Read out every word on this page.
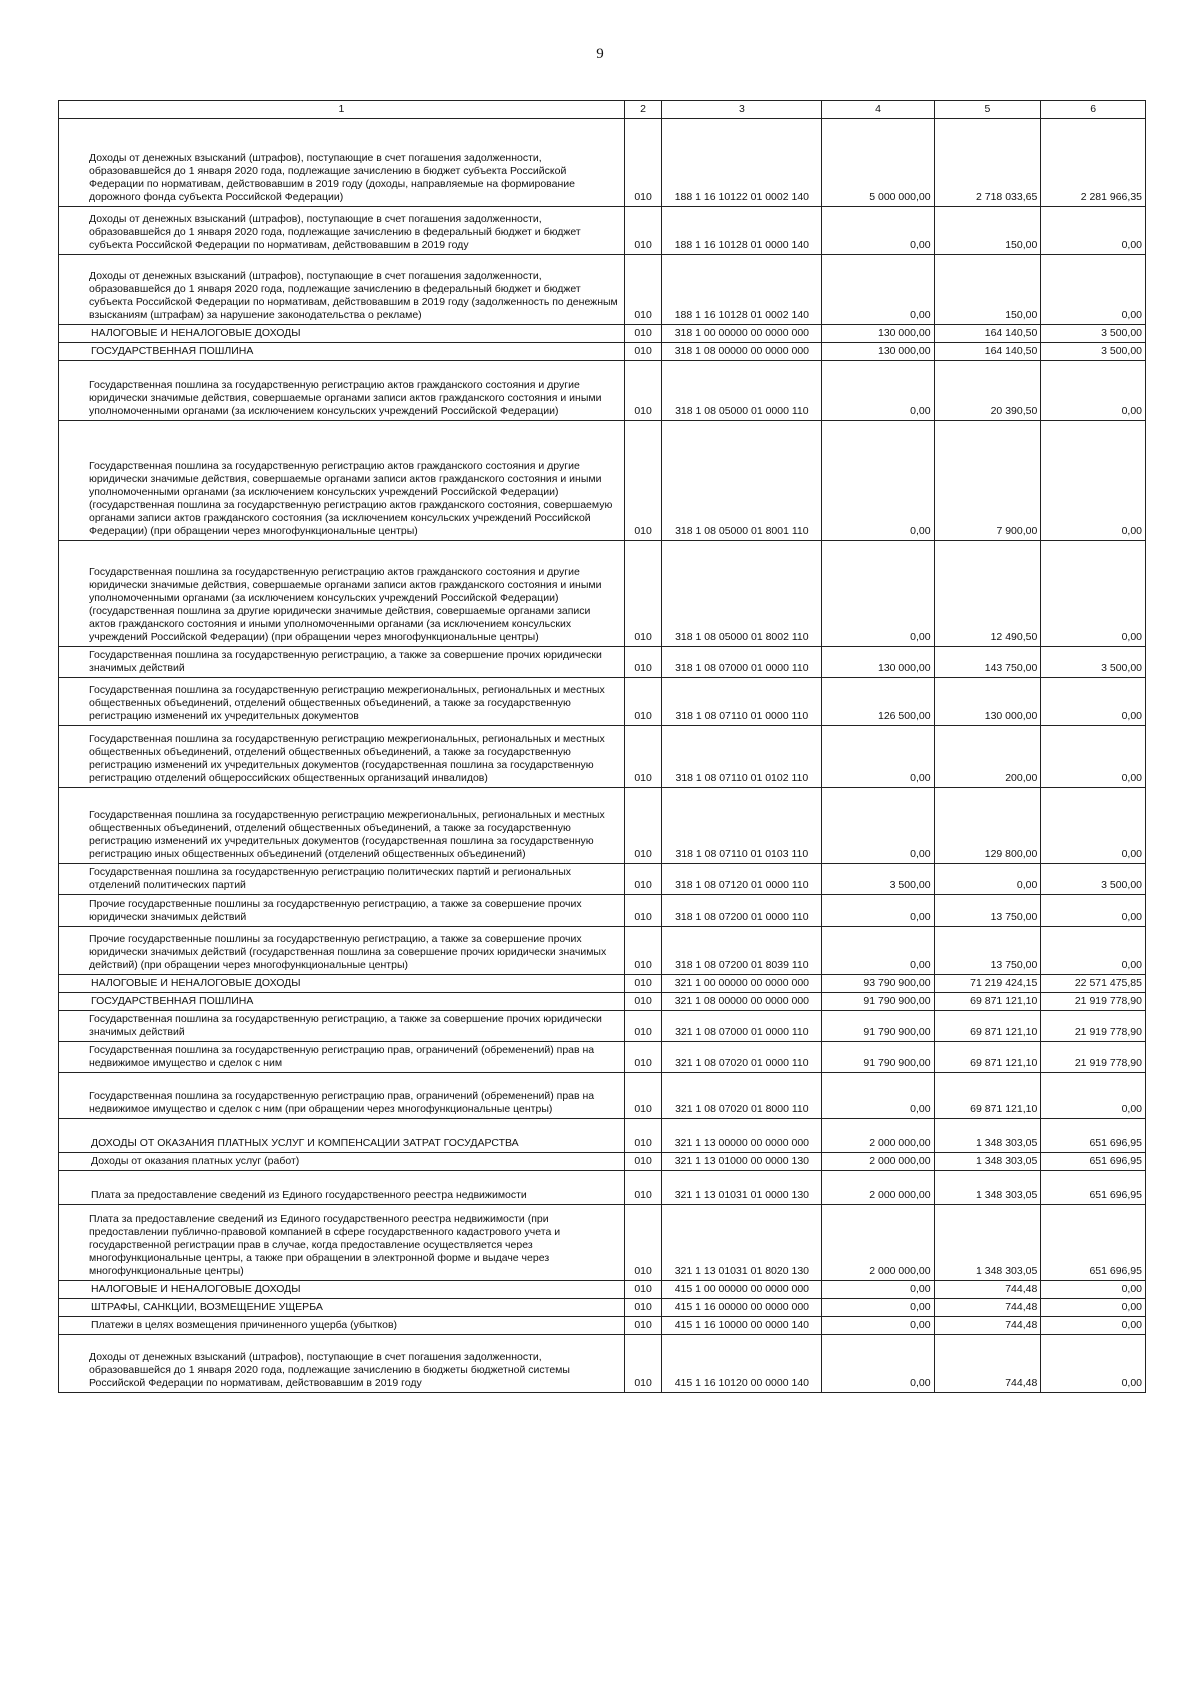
9
1	2	3	4	5	6
Доходы от денежных взысканий (штрафов), поступающие в счет погашения задолженности, образовавшейся до 1 января 2020 года, подлежащие зачислению в бюджет субъекта Российской Федерации по нормативам, действовавшим в 2019 году (доходы, направляемые на формирование дорожного фонда субъекта Российской Федерации)	010	188 1 16 10122 01 0002 140	5 000 000,00	2 718 033,65	2 281 966,35
Доходы от денежных взысканий (штрафов), поступающие в счет погашения задолженности, образовавшейся до 1 января 2020 года, подлежащие зачислению в федеральный бюджет и бюджет субъекта Российской Федерации по нормативам, действовавшим в 2019 году	010	188 1 16 10128 01 0000 140	0,00	150,00	0,00
Доходы от денежных взысканий (штрафов), поступающие в счет погашения задолженности, образовавшейся до 1 января 2020 года, подлежащие зачислению в федеральный бюджет и бюджет субъекта Российской Федерации по нормативам, действовавшим в 2019 году (задолженность по денежным взысканиям (штрафам) за нарушение законодательства о рекламе)	010	188 1 16 10128 01 0002 140	0,00	150,00	0,00
НАЛОГОВЫЕ И НЕНАЛОГОВЫЕ ДОХОДЫ	010	318 1 00 00000 00 0000 000	130 000,00	164 140,50	3 500,00
ГОСУДАРСТВЕННАЯ ПОШЛИНА	010	318 1 08 00000 00 0000 000	130 000,00	164 140,50	3 500,00
Государственная пошлина за государственную регистрацию актов гражданского состояния и другие юридически значимые действия, совершаемые органами записи актов гражданского состояния и иными уполномоченными органами (за исключением консульских учреждений Российской Федерации)	010	318 1 08 05000 01 0000 110	0,00	20 390,50	0,00
Государственная пошлина за государственную регистрацию актов гражданского состояния и другие юридически значимые действия, совершаемые органами записи актов гражданского состояния и иными уполномоченными органами (за исключением консульских учреждений Российской Федерации) (государственная пошлина за государственную регистрацию актов гражданского состояния, совершаемую органами записи актов гражданского состояния (за исключением консульских учреждений Российской Федерации) (при обращении через многофункциональные центры)	010	318 1 08 05000 01 8001 110	0,00	7 900,00	0,00
Государственная пошлина за государственную регистрацию актов гражданского состояния и другие юридически значимые действия, совершаемые органами записи актов гражданского состояния и иными уполномоченными органами (за исключением консульских учреждений Российской Федерации) (государственная пошлина за другие юридически значимые действия, совершаемые органами записи актов гражданского состояния и иными уполномоченными органами (за исключением консульских учреждений Российской Федерации) (при обращении через многофункциональные центры)	010	318 1 08 05000 01 8002 110	0,00	12 490,50	0,00
Государственная пошлина за государственную регистрацию, а также за совершение прочих юридически значимых действий	010	318 1 08 07000 01 0000 110	130 000,00	143 750,00	3 500,00
Государственная пошлина за государственную регистрацию межрегиональных, региональных и местных общественных объединений, отделений общественных объединений, а также за государственную регистрацию изменений их учредительных документов	010	318 1 08 07110 01 0000 110	126 500,00	130 000,00	0,00
Государственная пошлина за государственную регистрацию межрегиональных, региональных и местных общественных объединений, отделений общественных объединений, а также за государственную регистрацию изменений их учредительных документов (государственная пошлина за государственную регистрацию отделений общероссийских общественных организаций инвалидов)	010	318 1 08 07110 01 0102 110	0,00	200,00	0,00
Государственная пошлина за государственную регистрацию межрегиональных, региональных и местных общественных объединений, отделений общественных объединений, а также за государственную регистрацию изменений их учредительных документов (государственная пошлина за государственную регистрацию иных общественных объединений (отделений общественных объединений)	010	318 1 08 07110 01 0103 110	0,00	129 800,00	0,00
Государственная пошлина за государственную регистрацию политических партий и региональных отделений политических партий	010	318 1 08 07120 01 0000 110	3 500,00	0,00	3 500,00
Прочие государственные пошлины за государственную регистрацию, а также за совершение прочих юридически значимых действий	010	318 1 08 07200 01 0000 110	0,00	13 750,00	0,00
Прочие государственные пошлины за государственную регистрацию, а также за совершение прочих юридически значимых действий (государственная пошлина за совершение прочих юридически значимых действий) (при обращении через многофункциональные центры)	010	318 1 08 07200 01 8039 110	0,00	13 750,00	0,00
НАЛОГОВЫЕ И НЕНАЛОГОВЫЕ ДОХОДЫ	010	321 1 00 00000 00 0000 000	93 790 900,00	71 219 424,15	22 571 475,85
ГОСУДАРСТВЕННАЯ ПОШЛИНА	010	321 1 08 00000 00 0000 000	91 790 900,00	69 871 121,10	21 919 778,90
Государственная пошлина за государственную регистрацию, а также за совершение прочих юридически значимых действий	010	321 1 08 07000 01 0000 110	91 790 900,00	69 871 121,10	21 919 778,90
Государственная пошлина за государственную регистрацию прав, ограничений (обременений) прав на недвижимое имущество и сделок с ним	010	321 1 08 07020 01 0000 110	91 790 900,00	69 871 121,10	21 919 778,90
Государственная пошлина за государственную регистрацию прав, ограничений (обременений) прав на недвижимое имущество и сделок с ним (при обращении через многофункциональные центры)	010	321 1 08 07020 01 8000 110	0,00	69 871 121,10	0,00
ДОХОДЫ ОТ ОКАЗАНИЯ ПЛАТНЫХ УСЛУГ И КОМПЕНСАЦИИ ЗАТРАТ ГОСУДАРСТВА	010	321 1 13 00000 00 0000 000	2 000 000,00	1 348 303,05	651 696,95
Доходы от оказания платных услуг (работ)	010	321 1 13 01000 00 0000 130	2 000 000,00	1 348 303,05	651 696,95
Плата за предоставление сведений из Единого государственного реестра недвижимости	010	321 1 13 01031 01 0000 130	2 000 000,00	1 348 303,05	651 696,95
Плата за предоставление сведений из Единого государственного реестра недвижимости (при предоставлении публично-правовой компанией в сфере государственного кадастрового учета и государственной регистрации прав в случае, когда предоставление осуществляется через многофункциональные центры, а также при обращении в электронной форме и выдаче через многофункциональные центры)	010	321 1 13 01031 01 8020 130	2 000 000,00	1 348 303,05	651 696,95
НАЛОГОВЫЕ И НЕНАЛОГОВЫЕ ДОХОДЫ	010	415 1 00 00000 00 0000 000	0,00	744,48	0,00
ШТРАФЫ, САНКЦИИ, ВОЗМЕЩЕНИЕ УЩЕРБА	010	415 1 16 00000 00 0000 000	0,00	744,48	0,00
Платежи в целях возмещения причиненного ущерба (убытков)	010	415 1 16 10000 00 0000 140	0,00	744,48	0,00
Доходы от денежных взысканий (штрафов), поступающие в счет погашения задолженности, образовавшейся до 1 января 2020 года, подлежащие зачислению в бюджеты бюджетной системы Российской Федерации по нормативам, действовавшим в 2019 году	010	415 1 16 10120 00 0000 140	0,00	744,48	0,00
